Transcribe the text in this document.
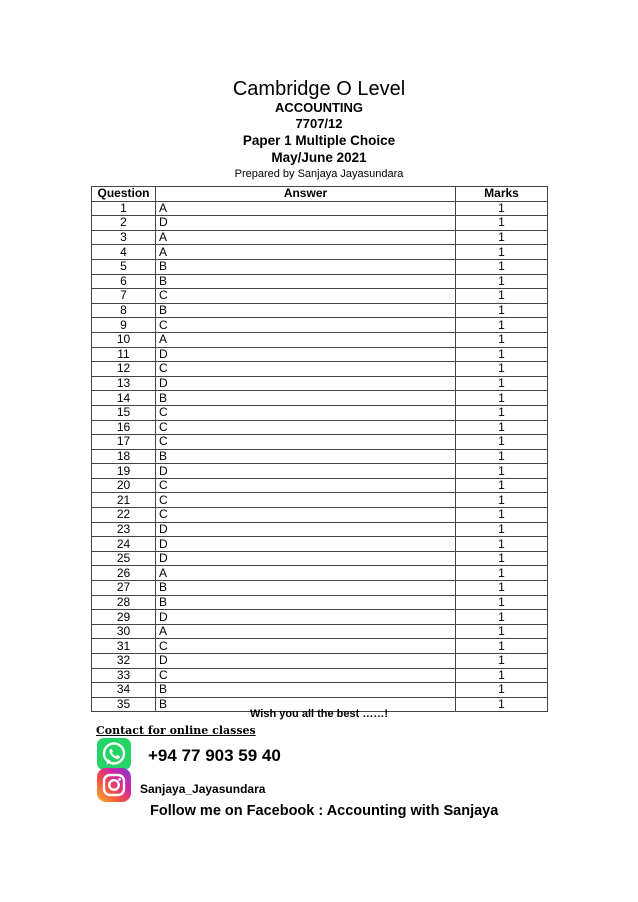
Cambridge O Level
ACCOUNTING
7707/12
Paper 1 Multiple Choice
May/June 2021
Prepared by Sanjaya Jayasundara
Question	Answer	Marks
1	A	1
2	D	1
3	A	1
4	A	1
5	B	1
6	B	1
7	C	1
8	B	1
9	C	1
10	A	1
11	D	1
12	C	1
13	D	1
14	B	1
15	C	1
16	C	1
17	C	1
18	B	1
19	D	1
20	C	1
21	C	1
22	C	1
23	D	1
24	D	1
25	D	1
26	A	1
27	B	1
28	B	1
29	D	1
30	A	1
31	C	1
32	D	1
33	C	1
34	B	1
35	B	1
Wish you all the best ……!
Contact for online classes
+94 77 903 59 40
Sanjaya_Jayasundara
Follow me on Facebook : Accounting with Sanjaya
